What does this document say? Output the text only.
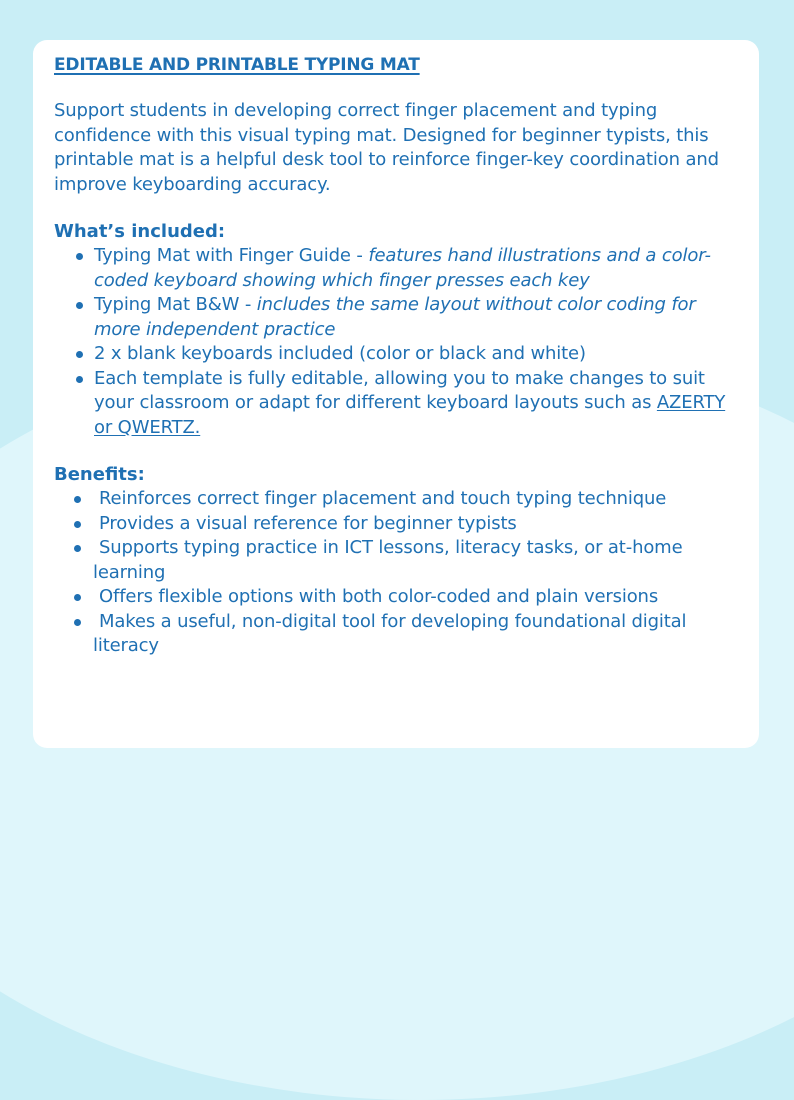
EDITABLE AND PRINTABLE TYPING MAT

Support students in developing correct finger placement and typing confidence with this visual typing mat. Designed for beginner typists, this printable mat is a helpful desk tool to reinforce finger-key coordination and improve keyboarding accuracy.

What’s included:
Typing Mat with Finger Guide - features hand illustrations and a color-coded keyboard showing which finger presses each key
Typing Mat B&W - includes the same layout without color coding for more independent practice
2 x blank keyboards included (color or black and white)
Each template is fully editable, allowing you to make changes to suit your classroom or adapt for different keyboard layouts such as AZERTY or QWERTZ.
Benefits:
Reinforces correct finger placement and touch typing technique
Provides a visual reference for beginner typists
Supports typing practice in ICT lessons, literacy tasks, or at-home learning
Offers flexible options with both color-coded and plain versions
Makes a useful, non-digital tool for developing foundational digital literacy
